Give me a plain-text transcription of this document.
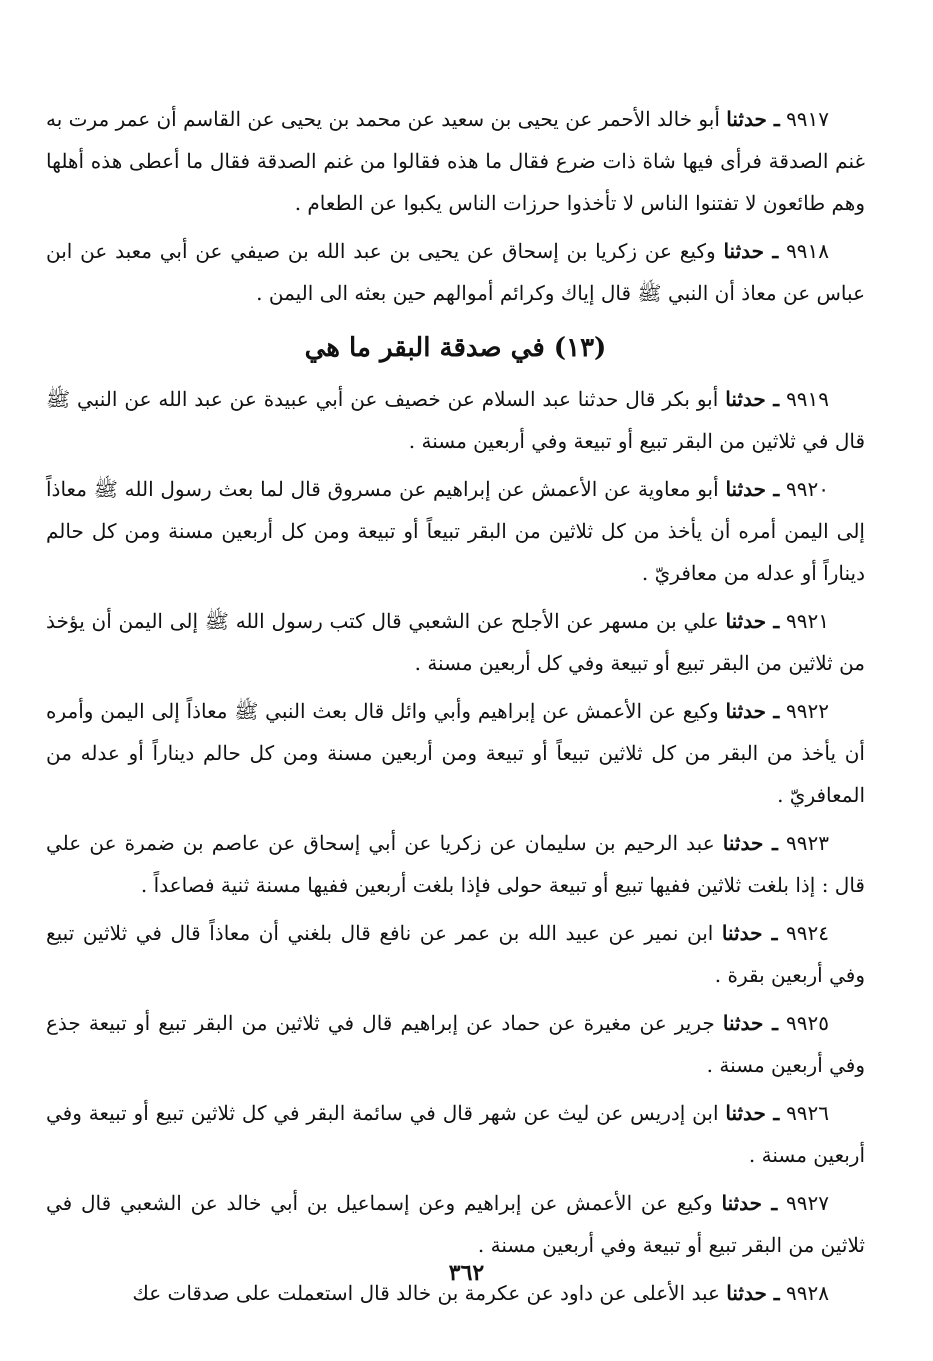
٩٩١٧ ـ حدثنا أبو خالد الأحمر عن يحيى بن سعيد عن محمد بن يحيى عن القاسم أن عمر مرت به غنم الصدقة فرأى فيها شاة ذات ضرع فقال ما هذه فقالوا من غنم الصدقة فقال ما أعطى هذه أهلها وهم طائعون لا تفتنوا الناس لا تأخذوا حرزات الناس يكبوا عن الطعام .

٩٩١٨ ـ حدثنا وكيع عن زكريا بن إسحاق عن يحيى بن عبد الله بن صيفي عن أبي معبد عن ابن عباس عن معاذ أن النبي ﷺ قال إياك وكرائم أموالهم حين بعثه الى اليمن .

(١٣) في صدقة البقر ما هي

٩٩١٩ ـ حدثنا أبو بكر قال حدثنا عبد السلام عن خصيف عن أبي عبيدة عن عبد الله عن النبي ﷺ قال في ثلاثين من البقر تبيع أو تبيعة وفي أربعين مسنة .

٩٩٢٠ ـ حدثنا أبو معاوية عن الأعمش عن إبراهيم عن مسروق قال لما بعث رسول الله ﷺ معاذاً إلى اليمن أمره أن يأخذ من كل ثلاثين من البقر تبيعاً أو تبيعة ومن كل أربعين مسنة ومن كل حالم ديناراً أو عدله من معافريّ .

٩٩٢١ ـ حدثنا علي بن مسهر عن الأجلح عن الشعبي قال كتب رسول الله ﷺ إلى اليمن أن يؤخذ من ثلاثين من البقر تبيع أو تبيعة وفي كل أربعين مسنة .

٩٩٢٢ ـ حدثنا وكيع عن الأعمش عن إبراهيم وأبي وائل قال بعث النبي ﷺ معاذاً إلى اليمن وأمره أن يأخذ من البقر من كل ثلاثين تبيعاً أو تبيعة ومن أربعين مسنة ومن كل حالم ديناراً أو عدله من المعافريّ .

٩٩٢٣ ـ حدثنا عبد الرحيم بن سليمان عن زكريا عن أبي إسحاق عن عاصم بن ضمرة عن علي قال : إذا بلغت ثلاثين ففيها تبيع أو تبيعة حولى فإذا بلغت أربعين ففيها مسنة ثنية فصاعداً .

٩٩٢٤ ـ حدثنا ابن نمير عن عبيد الله بن عمر عن نافع قال بلغني أن معاذاً قال في ثلاثين تبيع وفي أربعين بقرة .

٩٩٢٥ ـ حدثنا جرير عن مغيرة عن حماد عن إبراهيم قال في ثلاثين من البقر تبيع أو تبيعة جذع وفي أربعين مسنة .

٩٩٢٦ ـ حدثنا ابن إدريس عن ليث عن شهر قال في سائمة البقر في كل ثلاثين تبيع أو تبيعة وفي أربعين مسنة .

٩٩٢٧ ـ حدثنا وكيع عن الأعمش عن إبراهيم وعن إسماعيل بن أبي خالد عن الشعبي قال في ثلاثين من البقر تبيع أو تبيعة وفي أربعين مسنة .

٩٩٢٨ ـ حدثنا عبد الأعلى عن داود عن عكرمة بن خالد قال استعملت على صدقات عك

٣٦٢
